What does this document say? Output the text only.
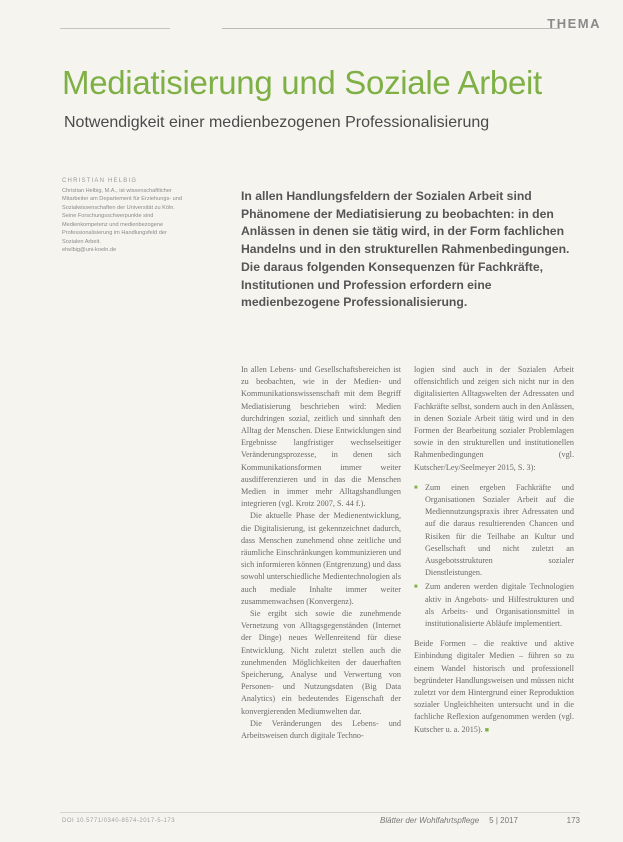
THEMA
Mediatisierung und Soziale Arbeit
Notwendigkeit einer medienbezogenen Professionalisierung
CHRISTIAN HELBIG
Christian Helbig, M.A., ist wissenschaftlicher Mitarbeiter am Departement für Erziehungs- und Sozialwissenschaften der Universität zu Köln. Seine Forschungsschwerpunkte sind Medienkompetenz und medienbezogene Professionalisierung im Handlungsfeld der Sozialen Arbeit.
ehelbig@uni-koeln.de

In allen Handlungsfeldern der Sozialen Arbeit sind Phänomene der Mediatisierung zu beobachten: in den Anlässen in denen sie tätig wird, in der Form fachlichen Handelns und in den strukturellen Rahmenbedingungen. Die daraus folgenden Konsequenzen für Fachkräfte, Institutionen und Profession erfordern eine medienbezogene Professionalisierung.

In allen Lebens- und Gesellschaftsbereichen ist zu beobachten, wie in der Medien- und Kommunikationswissenschaft mit dem Begriff Mediatisierung beschrieben wird: Medien durchdringen sozial, zeitlich und sinnhaft den Alltag der Menschen. Diese Entwicklungen sind Ergebnisse langfristiger wechselseitiger Veränderungsprozesse, in denen sich Kommunikationsformen immer weiter ausdifferenzieren und in das die Menschen Medien in immer mehr Alltagshandlungen integrieren (vgl. Krotz 2007, S. 44 f.).

Die aktuelle Phase der Medienentwicklung, die Digitalisierung, ist gekennzeichnet dadurch, dass Menschen zunehmend ohne zeitliche und räumliche Einschränkungen kommunizieren und sich informieren können (Entgrenzung) und dass sowohl unterschiedliche Medientechnologien als auch mediale Inhalte immer weiter zusammenwachsen (Konvergenz).

Sie ergibt sich sowie die zunehmende Vernetzung von Alltagsgegenständen (Internet der Dinge) neues Wellenreitend für diese Entwicklung. Nicht zuletzt stellen auch die zunehmenden Möglichkeiten der dauerhaften Speicherung, Analyse und Verwertung von Personen- und Nutzungsdaten (Big Data Analytics) ein bedeutendes Eigenschaft der konvergierenden Mediumwelten dar.

Die Veränderungen des Lebens- und Arbeitsweisen durch digitale Techno-

logien sind auch in der Sozialen Arbeit offensichtlich und zeigen sich nicht nur in den digitalisierten Alltagswelten der Adressaten und Fachkräfte selbst, sondern auch in den Anlässen, in denen Soziale Arbeit tätig wird und in den Formen der Bearbeitung sozialer Problemlagen sowie in den strukturellen und institutionellen Rahmenbedingungen (vgl. Kutscher/Ley/Seelmeyer 2015, S. 3):

■ Zum einen ergeben Fachkräfte und Organisationen Sozialer Arbeit auf die Mediennutzungspraxis ihrer Adressaten und auf die daraus resultierenden Chancen und Risiken für die Teilhabe an Kultur und Gesellschaft und nicht zuletzt an Ausgebotsstrukturen sozialer Dienstleistungen.
■ Zum anderen werden digitale Technologien aktiv in Angebots- und Hilfestrukturen und als Arbeits- und Organisationsmittel in institutionalisierte Abläufe implementiert.

Beide Formen – die reaktive und aktive Einbindung digitaler Medien – führen so zu einem Wandel historisch und professionell begründeter Handlungsweisen und müssen nicht zuletzt vor dem Hintergrund einer Reproduktion sozialer Ungleichheiten untersucht und in die fachliche Reflexion aufgenommen werden (vgl. Kutscher u. a. 2015). ■

DOI 10.5771/0340-8574-2017-5-173	Blätter der Wohlfahrtspflege 5 | 2017	173
